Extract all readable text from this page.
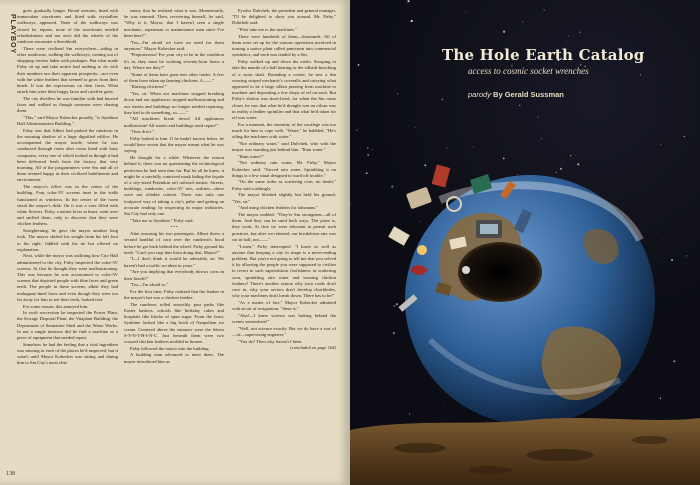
PLAYBOY

grew gradually longer. Broad avenues, lined with immaculate storefronts and fitted with crystalline walkways, appeared. None of the walkways was closed for repairs, none of the storefronts needed refurbishment and not once did the wheels of the rundown encounter a threshhold.

There were civilized Sm everywhere—riding in other rundowns, walking the walkways, coming out of shopping centers laden with packages. But what made Firby sit up and take notice had nothing to do with their numbers nor their apparent prosperity—not even with the white feathers that seemed to grow from their heads. It was the expressions on their faces. What struck him were their happy faces and carefree gaits.

The city dwellers he was familiar with had hurried faces and walked as though someone were chasing them.

"This," said Mayor Kobecker proudly, "is Synthmo Hall Administration Building."

Firby saw that Albert had parked the rundown in the morning shadow of a large dignified edifice. He accompanied the mayor inside, where he was conducted through room after room lined with busy computers, every one of which looked as though it had been delivered fresh from the factory that very morning. All of the programmers were Sm and all of them seemed happy in their civilized habiliments and environment.

The mayor's office was in the center of the building. Four color-3V screens inset in the walls functioned as windows. In the center of the room stood the mayor's desk. On it was a vase filled with white flowers. Firby, a nature lover at heart, went over and sniffed them, only to discover that they were chicken feathers.

Straightening, he gave the mayor another long look. The mayor shifted his weight from his left foot to his right, fiddled with his tie but offered no explanation.

Next, while the mayor was outlining how City Hall administered to the city, Firby inspected the color-3V screens. At first he thought they were malfunctioning. This was because he was accustomed to color-3V screens that depicted people with blue faces and green teeth. The people in these screens, albeit they had mahogany-hued faces and even though they were too far away for him to see their teeth, looked real.

For some reason, this annoyed him.

In swift succession he inspected the Power Plant, the Sewage Disposal Plant, the Vitaplant Building, the Department of Sanitation Shed and the Water Works. In not a single instance did he find a machine or a piece of equipment that needed repair.

Somehow he had the feeling that a vital ingredient was missing in each of the places he'd inspected, but it wasn't until Mayor Kobecker was sitting and dining him to Sm City's most elite

eatery that he realized what it was. Momentarily, he was stunned. Then, recovering himself, he said, "Why is it, Mayor, that I haven't seen a single mechanic, repairman or maintenance man since I've been here?"

"I'm—I'm afraid we have no need for them anymore," Mayor Kobecker said.

"Preposterous! For your city to be in the condition it's in, they must be working seventy-hour hours a day. Where are they?"

"Some of them have gone into other trades. A few of them have taken up farming chickens. A——"

"Raising chickens!"

"Yes, sir. When our machines stopped breaking down and our appliances stopped malfunctioning and our streets and buildings no longer needed repairing, they had to do something, so——"

"All machines break down! All appliances malfunction! All streets and buildings need repair!"

"Ours don't."

Firby looked at him. If he hadn't known better, he would have sworn that the mayor meant what he was saying.

He thought for a while. Whatever the reason behind it, there was no questioning the technological perfection he had seen thus far. But let all he knew, it might be a carefully contrived mask hiding the façade of a city-sized Potemkin rail railroad station. Streets, buildings, rundowns, color-3V sets, utilities—these were not reliable criteria. There was only one foolproof way of taking a city's pulse and getting an accurate reading: by inspecting its major industries. Sm City had only one.

"Take me to Synthine," Firby said.

• • •

After ensuring his two passengers, Albert threw a second handful of corn over the rundown's hood before he got back behind the wheel. Firby ground his teeth. "Can't you stop him from doing that, Mayor?"

"I—I don't think it would be advisable, sir. We haven't had a traffic accident in years."

"Are you implying that everybody throws corn on their hoods?"

"I'm—I'm afraid so."

For the first time, Firby realized that the feather in the mayor's hat was a chicken feather.

The rundown rolled smoothly past parks like Easter baskets, schools like birthday cakes and hospitals like blocks of spun sugar. From the front, Synthine looked like a big brick of Neapolitan ice cream. Centered above the entrance were the letters S-Y-N-T-H-I-N-C. Just beneath them were two crossed chicken feathers molded in bronze.

Firby followed the mayor into the building.

A building man advanced to meet them. The mayor introduced him as

Fyodor Dubchek, the president and general manager. "I'll be delighted to show you around, Mr. Firby," Dubchek said.

"First take me to the machines."

There were hundreds of them—thousands. All of them were set up for the various operations involved in turning a native plant called punctrum into commercial synthetics, and each was tended by a Sm.

Firby walked up and down the aisles. Stooping to take the mantle of a ball bearing or the sillside knocking of a worn shaft. Rounding a corner, he saw a Sm wearing striped mechanic's coveralls and carrying what appeared to be a large silken pouring from machine to machine and depositing a few drops of oil on each. But Firby's elation was short-lived, for when the Sm came closer, he saw that what he'd thought was an oilcan was in reality a feather sprinkler and that what he'd taken for oil was water.

For a moment, the enormity of the sacrilege was too much for him to cope with. "Water," he babbled. "He's oiling the machines with water."

"Not ordinary water," said Dubchek, who with the mayor was standing just behind him. "Rain water."

"Rain water?"

"Not ordinary rain water, Mr. Firby," Mayor Kobecker said. "Sacred rain water. Sprinkling it on things is a few ritual designed to ward off trouble."

"On the same order as scattering corn, no doubt," Firby said scathingly.

The mayor blushed slightly but held his ground. "Yes, sir."

"And using chicken feathers for talismans."

The mayor nodded. "They're Sm strongmen—all of them. And they can be used both ways. The point is, they work. At first we were reluctant to permit such practices, but after we relented, our breakdown rate was cut in half, not——"

"Listen," Firby interrupted. "I know as well as anyone that keeping a city in shape is a never-ending problem. But you're not going to tell me that you solved it by allowing the people you were supposed to civilize to revert to such superstitious foolishness as scattering corn, sprinkling rain water and wearing chicken feathers! There's another reason why your roads don't cave in, why your sectors don't develop chuckholes, why your machines don't break down. There has to be!"

"As a matter of fact," Mayor Kobecker admitted with an air of resignation, "there is."

"Aha!—I knew science was lurking behind the scenes somewhere!"

"Well, not science exactly. But we do have a sort of—of—supervising engineer."

"You do? Then why haven't I been

(concluded on page 164)

138
The Hole Earth Catalog
access to cosmic socket wrenches
parody By Gerald Sussman
